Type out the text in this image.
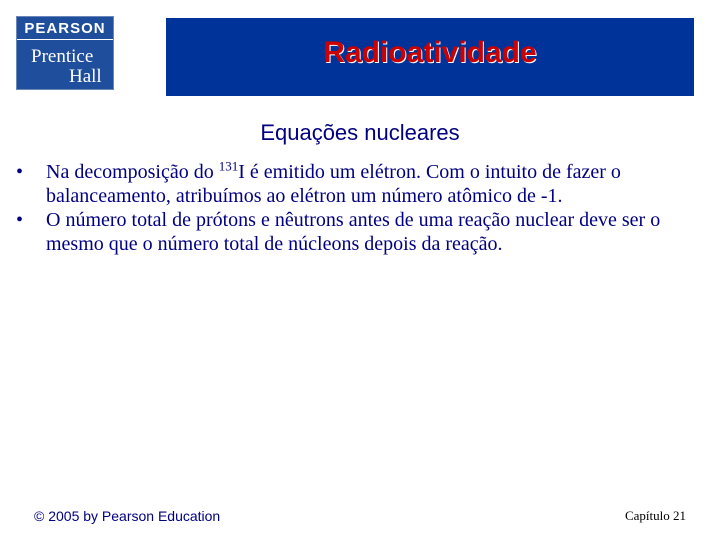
PEARSON
Prentice
Hall
Radioatividade
Equações nucleares
• Na decomposição do $^{131}$I é emitido um elétron. Com o intuito de fazer o balanceamento, atribuímos ao elétron um número atômico de -1.
• O número total de prótons e nêutrons antes de uma reação nuclear deve ser o mesmo que o número total de núcleons depois da reação.
© 2005 by Pearson Education	Capítulo 21
